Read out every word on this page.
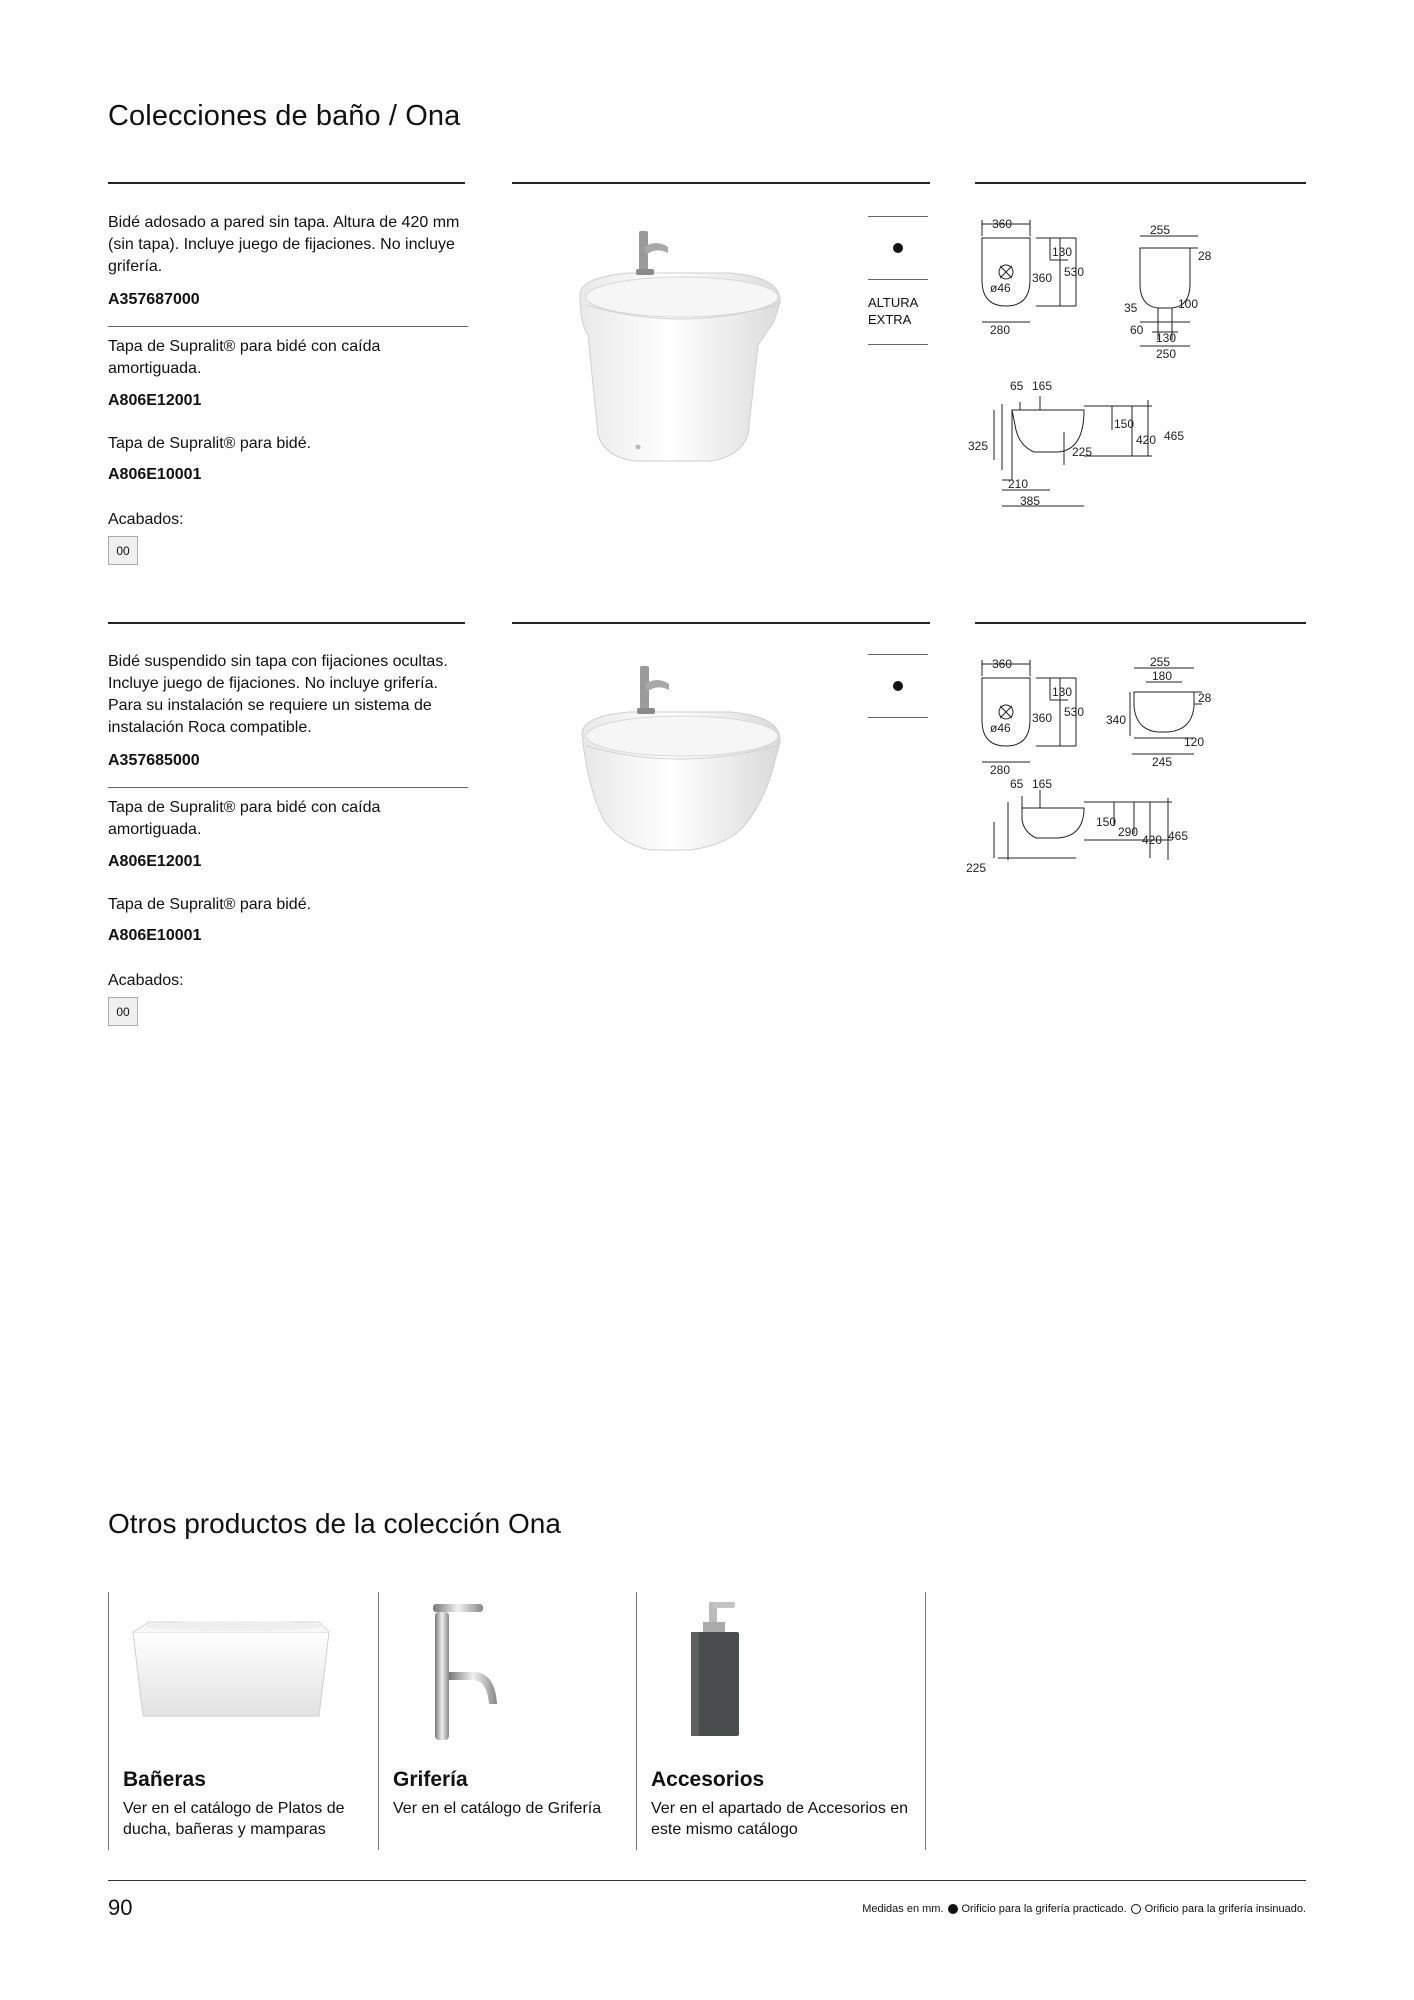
Colecciones de baño / Ona

Bidé adosado a pared sin tapa. Altura de 420 mm (sin tapa). Incluye juego de fijaciones. No incluye grifería.

A357687000

Tapa de Supralit® para bidé con caída amortiguada.

A806E12001

Tapa de Supralit® para bidé.

A806E10001

Acabados:

00

ALTURA

EXTRA

360
130
360 530
ø46
280
255
28
35	100
60
130
250
65 165
150
420 465
325	225
210
385

Bidé suspendido sin tapa con fijaciones ocultas. Incluye juego de fijaciones. No incluye grifería. Para su instalación se requiere un sistema de instalación Roca compatible.

A357685000

Tapa de Supralit® para bidé con caída amortiguada.

A806E12001

Tapa de Supralit® para bidé.

A806E10001

Acabados:

00
360
130
360 530
ø46
280
255
180
28
340
120
245
65 165
150
290
420 465
225
Otros productos de la colección Ona

Bañeras

Ver en el catálogo de Platos de ducha, bañeras y mamparas

Grifería

Ver en el catálogo de Grifería

Accesorios

Ver en el apartado de Accesorios en este mismo catálogo

90	Medidas en mm. Orificio para la grifería practicado. Orificio para la grifería insinuado.
